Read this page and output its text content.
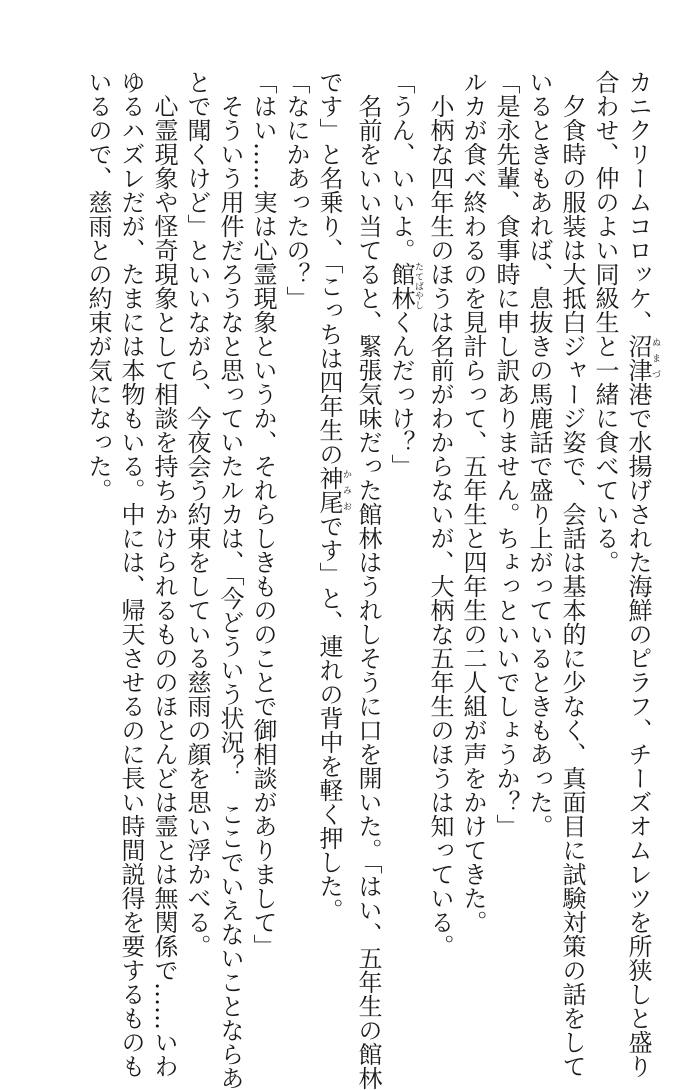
カニクリームコロッケ、沼津ぬまづ港で水揚げされた海鮮のピラフ、チーズオムレツを所狭しと盛り

合わせ、仲のよい同級生と一緒に食べている。

　夕食時の服装は大抵白ジャージ姿で、会話は基本的に少なく、真面目に試験対策の話をして

いるときもあれば、息抜きの馬鹿話で盛り上がっているときもあった。

「是永先輩、食事時に申し訳ありません。ちょっといいでしょうか？」

ルカが食べ終わるのを見計らって、五年生と四年生の二人組が声をかけてきた。

　小柄な四年生のほうは名前がわからないが、大柄な五年生のほうは知っている。

「うん、いいよ。館林たてばやしくんだっけ？」

　名前をいい当てると、緊張気味だった館林はうれしそうに口を開いた。「はい、五年生の館林

です」と名乗り、「こっちは四年生の神尾かみおです」と、連れの背中を軽く押した。

「なにかあったの？」

「はい……実は心霊現象というか、それらしきもののことで御相談がありまして」

　そういう用件だろうなと思っていたルカは、「今どういう状況？　ここでいえないことならあ

とで聞くけど」といいながら、今夜会う約束をしている慈雨の顔を思い浮かべる。

　心霊現象や怪奇現象として相談を持ちかけられるもののほとんどは霊とは無関係で……いわ

ゆるハズレだが、たまには本物もいる。中には、帰天させるのに長い時間説得を要するものも

いるので、慈雨との約束が気になった。
